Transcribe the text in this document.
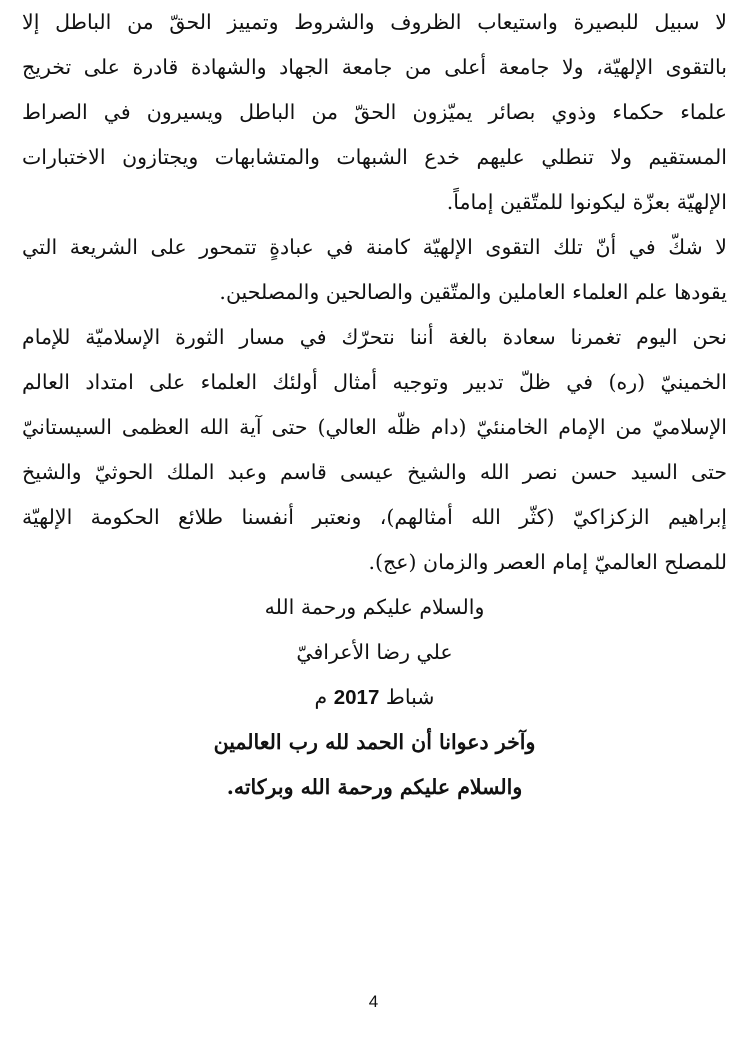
لا سبيل للبصيرة واستيعاب الظروف والشروط وتمييز الحقّ من الباطل إلا
بالتقوى الإلهيّة، ولا جامعة أعلى من جامعة الجهاد والشهادة قادرة على تخريج
علماء حكماء وذوي بصائر يميّزون الحقّ من الباطل ويسيرون في الصراط
المستقيم ولا تنطلي عليهم خدع الشبهات والمتشابهات ويجتازون الاختبارات
الإلهيّة بعزّة ليكونوا للمتّقين إماماً.
لا شكّ في أنّ تلك التقوى الإلهيّة كامنة في عبادةٍ تتمحور على الشريعة التي
يقودها علم العلماء العاملين والمتّقين والصالحين والمصلحين.
نحن اليوم تغمرنا سعادة بالغة أننا نتحرّك في مسار الثورة الإسلاميّة للإمام
الخمينيّ (ره) في ظلّ تدبير وتوجيه أمثال أولئك العلماء على امتداد العالم
الإسلاميّ من الإمام الخامنئيّ (دام ظلّه العالي) حتى آية الله العظمى السيستانيّ
حتى السيد حسن نصر الله والشيخ عيسى قاسم وعبد الملك الحوثيّ والشيخ
إبراهيم الزكزاكيّ (كثّر الله أمثالهم)، ونعتبر أنفسنا طلائع الحكومة الإلهيّة
للمصلح العالميّ إمام العصر والزمان (عج).
والسلام عليكم ورحمة الله
علي رضا الأعرافيّ
شباط 2017 م
وآخر دعوانا أن الحمد لله رب العالمين
والسلام عليكم ورحمة الله وبركاته.
4
